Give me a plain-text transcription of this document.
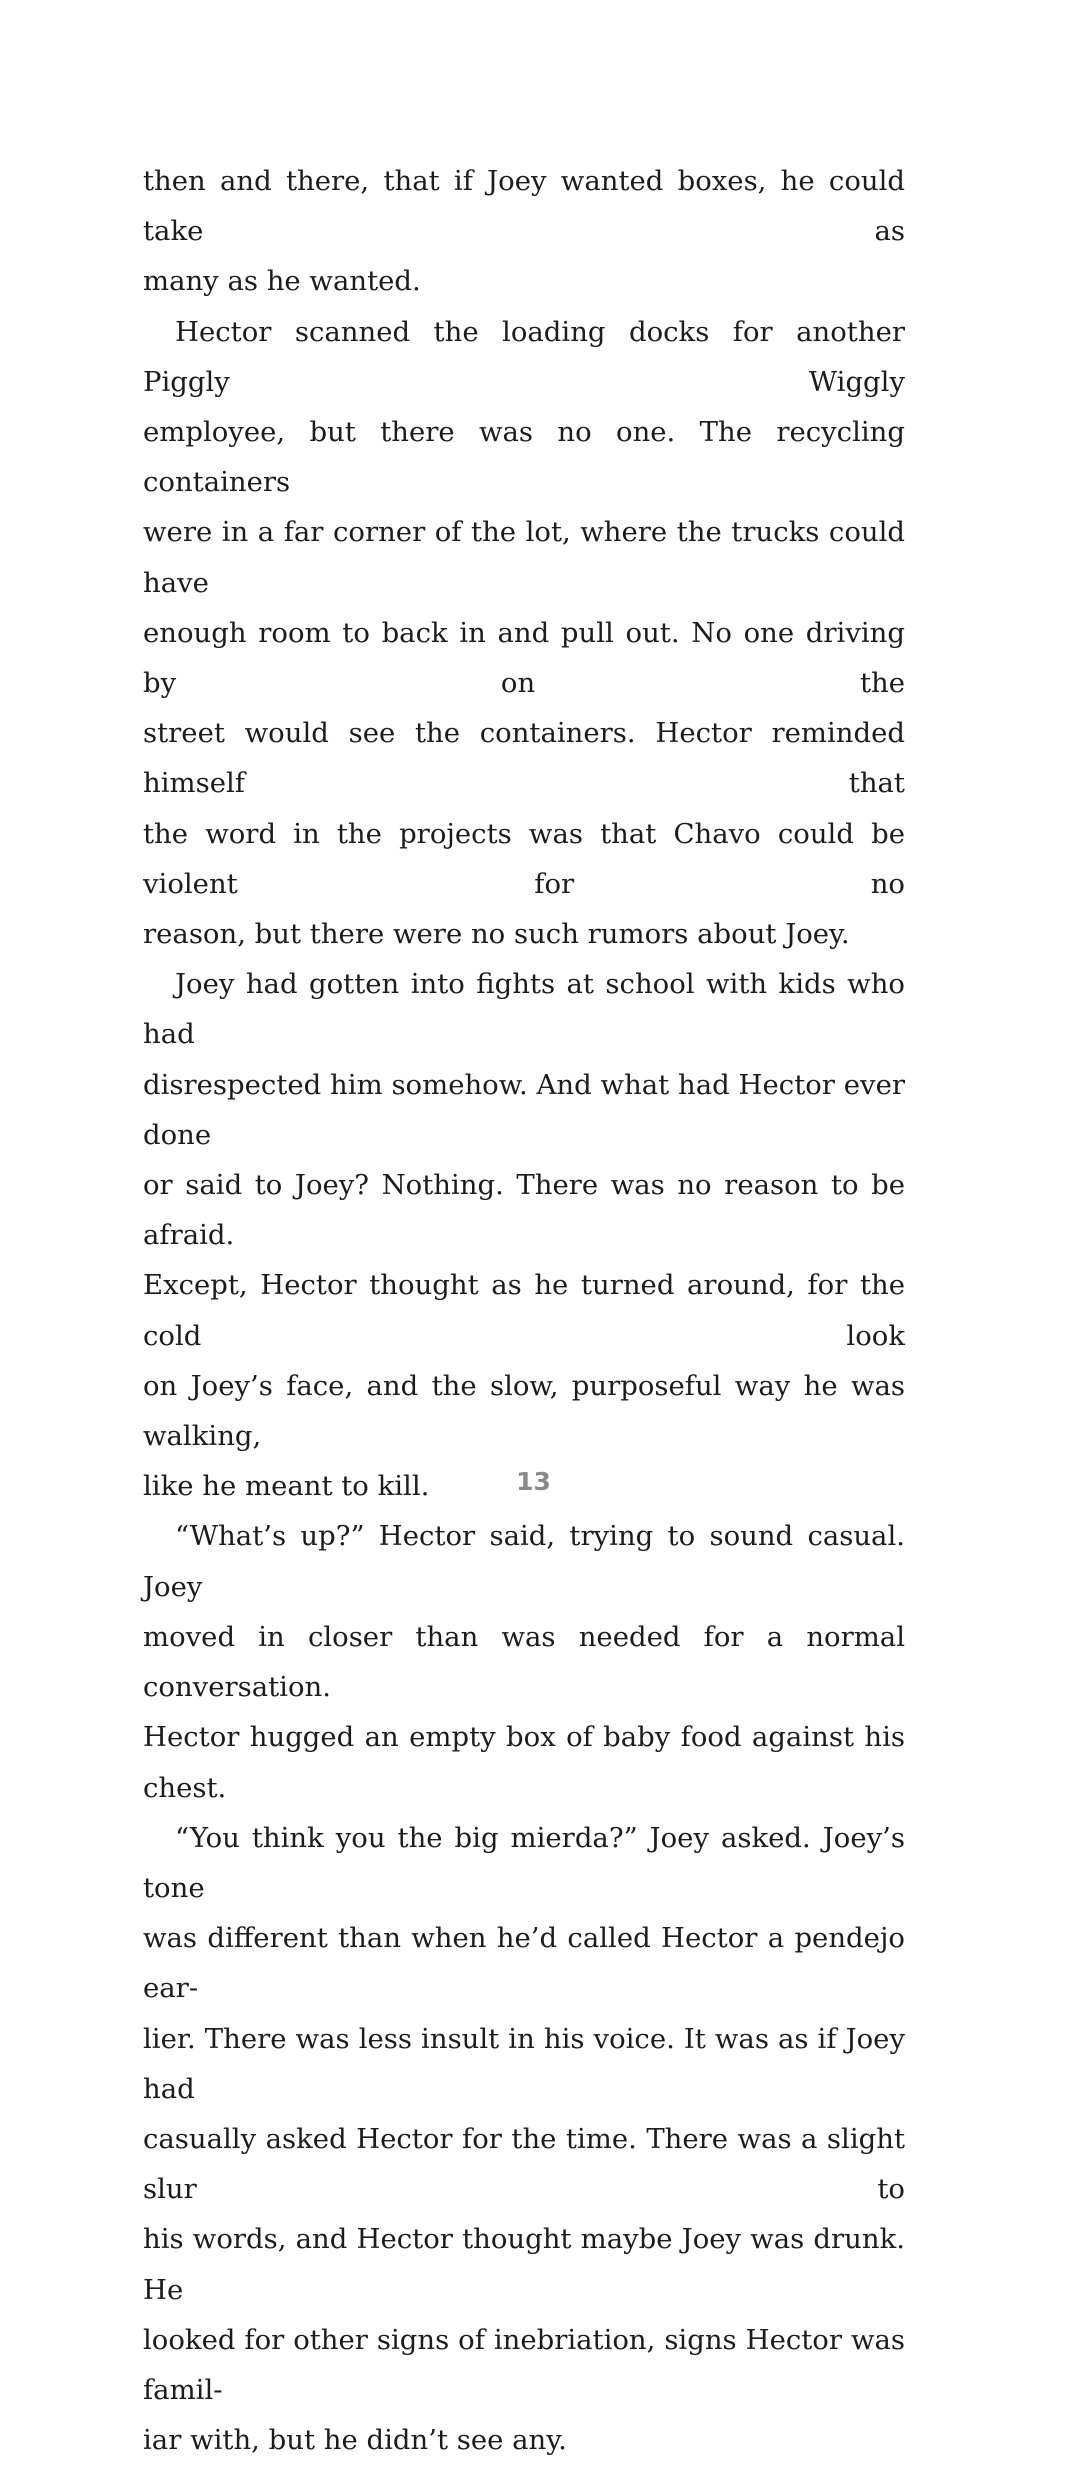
then and there, that if Joey wanted boxes, he could take as

many as he wanted.

Hector scanned the loading docks for another Piggly Wiggly

employee, but there was no one. The recycling containers

were in a far corner of the lot, where the trucks could have

enough room to back in and pull out. No one driving by on the

street would see the containers. Hector reminded himself that

the word in the projects was that Chavo could be violent for no

reason, but there were no such rumors about Joey.

Joey had gotten into fights at school with kids who had

disrespected him somehow. And what had Hector ever done

or said to Joey? Nothing. There was no reason to be afraid.

Except, Hector thought as he turned around, for the cold look

on Joey’s face, and the slow, purposeful way he was walking,

like he meant to kill.

“What’s up?” Hector said, trying to sound casual. Joey

moved in closer than was needed for a normal conversation.

Hector hugged an empty box of baby food against his chest.

“You think you the big mierda?” Joey asked. Joey’s tone

was different than when he’d called Hector a pendejo ear-

lier. There was less insult in his voice. It was as if Joey had

casually asked Hector for the time. There was a slight slur to

his words, and Hector thought maybe Joey was drunk. He

looked for other signs of inebriation, signs Hector was famil-

iar with, but he didn’t see any.

13
